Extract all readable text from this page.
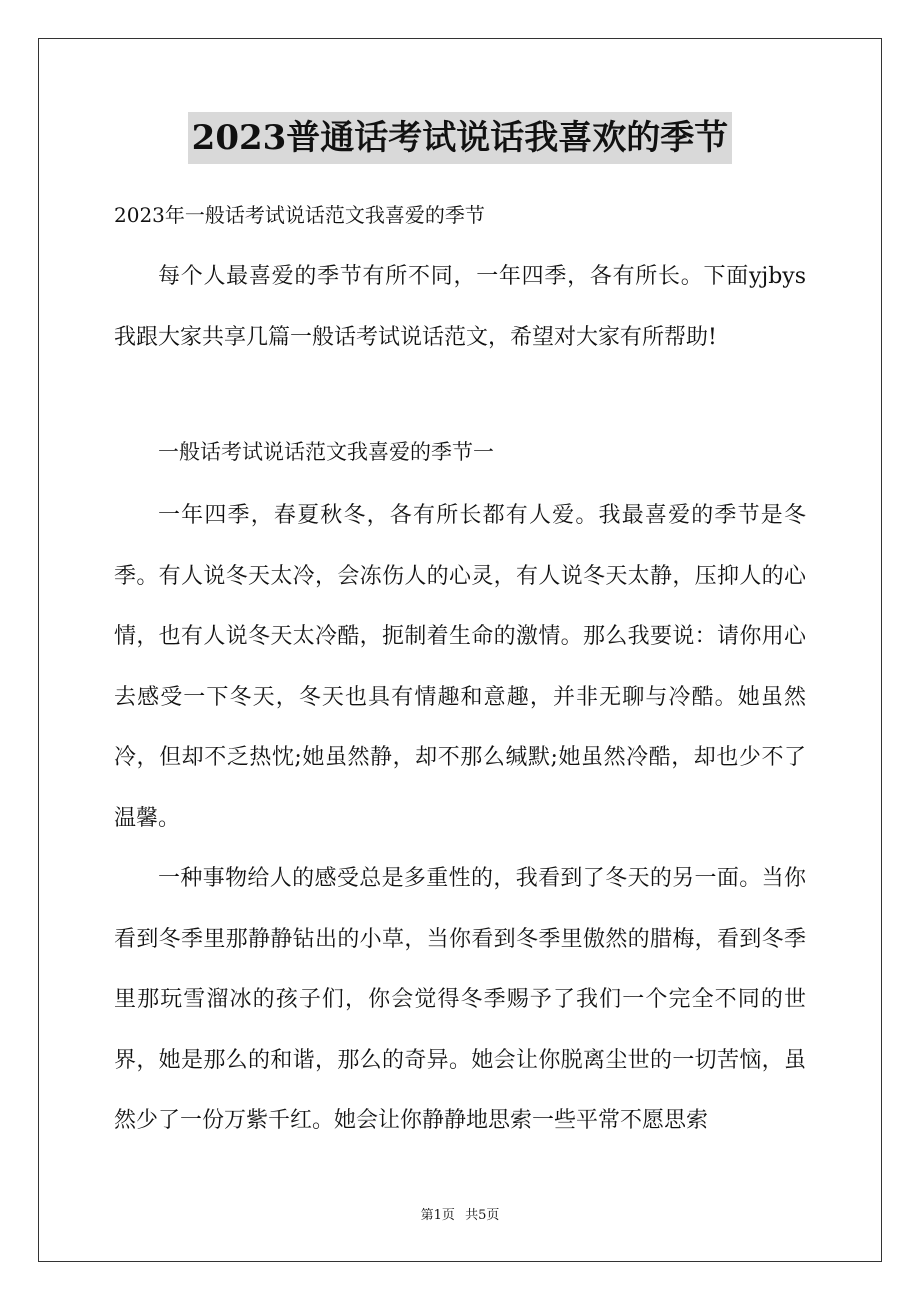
2023普通话考试说话我喜欢的季节
2023年一般话考试说话范文我喜爱的季节

每个人最喜爱的季节有所不同，一年四季，各有所长。下面yjbys我跟大家共享几篇一般话考试说话范文，希望对大家有所帮助!

一般话考试说话范文我喜爱的季节一

一年四季，春夏秋冬，各有所长都有人爱。我最喜爱的季节是冬季。有人说冬天太冷，会冻伤人的心灵，有人说冬天太静，压抑人的心情，也有人说冬天太冷酷，扼制着生命的激情。那么我要说：请你用心去感受一下冬天，冬天也具有情趣和意趣，并非无聊与冷酷。她虽然冷，但却不乏热忱;她虽然静，却不那么缄默;她虽然冷酷，却也少不了温馨。

一种事物给人的感受总是多重性的，我看到了冬天的另一面。当你看到冬季里那静静钻出的小草，当你看到冬季里傲然的腊梅，看到冬季里那玩雪溜冰的孩子们，你会觉得冬季赐予了我们一个完全不同的世界，她是那么的和谐，那么的奇异。她会让你脱离尘世的一切苦恼，虽然少了一份万紫千红。她会让你静静地思索一些平常不愿思索

第1页 共5页
